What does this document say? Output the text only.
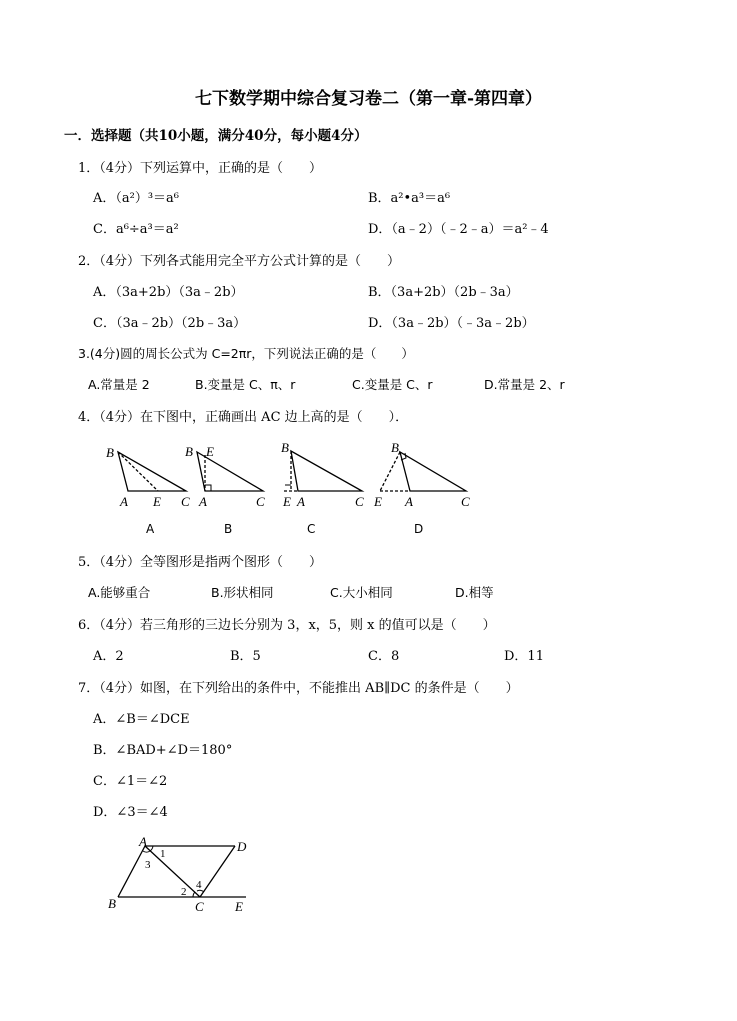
七下数学期中综合复习卷二（第一章-第四章）
一．选择题（共10小题，满分40分，每小题4分）
1．（4分）下列运算中，正确的是（　　）
A．（a²）³＝a⁶	B．a²•a³＝a⁶
C．a⁶÷a³＝a²	D．（a﹣2）（﹣2﹣a）＝a²﹣4
2．（4分）下列各式能用完全平方公式计算的是（　　）
A．（3a+2b）（3a﹣2b）	B．（3a+2b）（2b﹣3a）
C．（3a﹣2b）（2b﹣3a）	D．（3a﹣2b）（﹣3a﹣2b）
3.(4分)圆的周长公式为 C=2πr，下列说法正确的是（　　）
A.常量是 2	B.变量是 C、π、r	C.变量是 C、r	D.常量是 2、r
4．（4分）在下图中，正确画出 AC 边上高的是（　　）．
B
A E C
B E
A	C
B
E A	C
B
E A	C
A	B	C	D
5．（4分）全等图形是指两个图形（　　）
A.能够重合	B.形状相同	C.大小相同	D.相等
6．（4分）若三角形的三边长分别为 3，x，5，则 x 的值可以是（　　）
A．2	B．5	C．8	D．11
7．（4分）如图，在下列给出的条件中，不能推出 AB∥DC 的条件是（　　）
A．∠B＝∠DCE
B．∠BAD+∠D＝180°
C．∠1＝∠2
D．∠3＝∠4
A	D
B	C E
1
2
3
4
